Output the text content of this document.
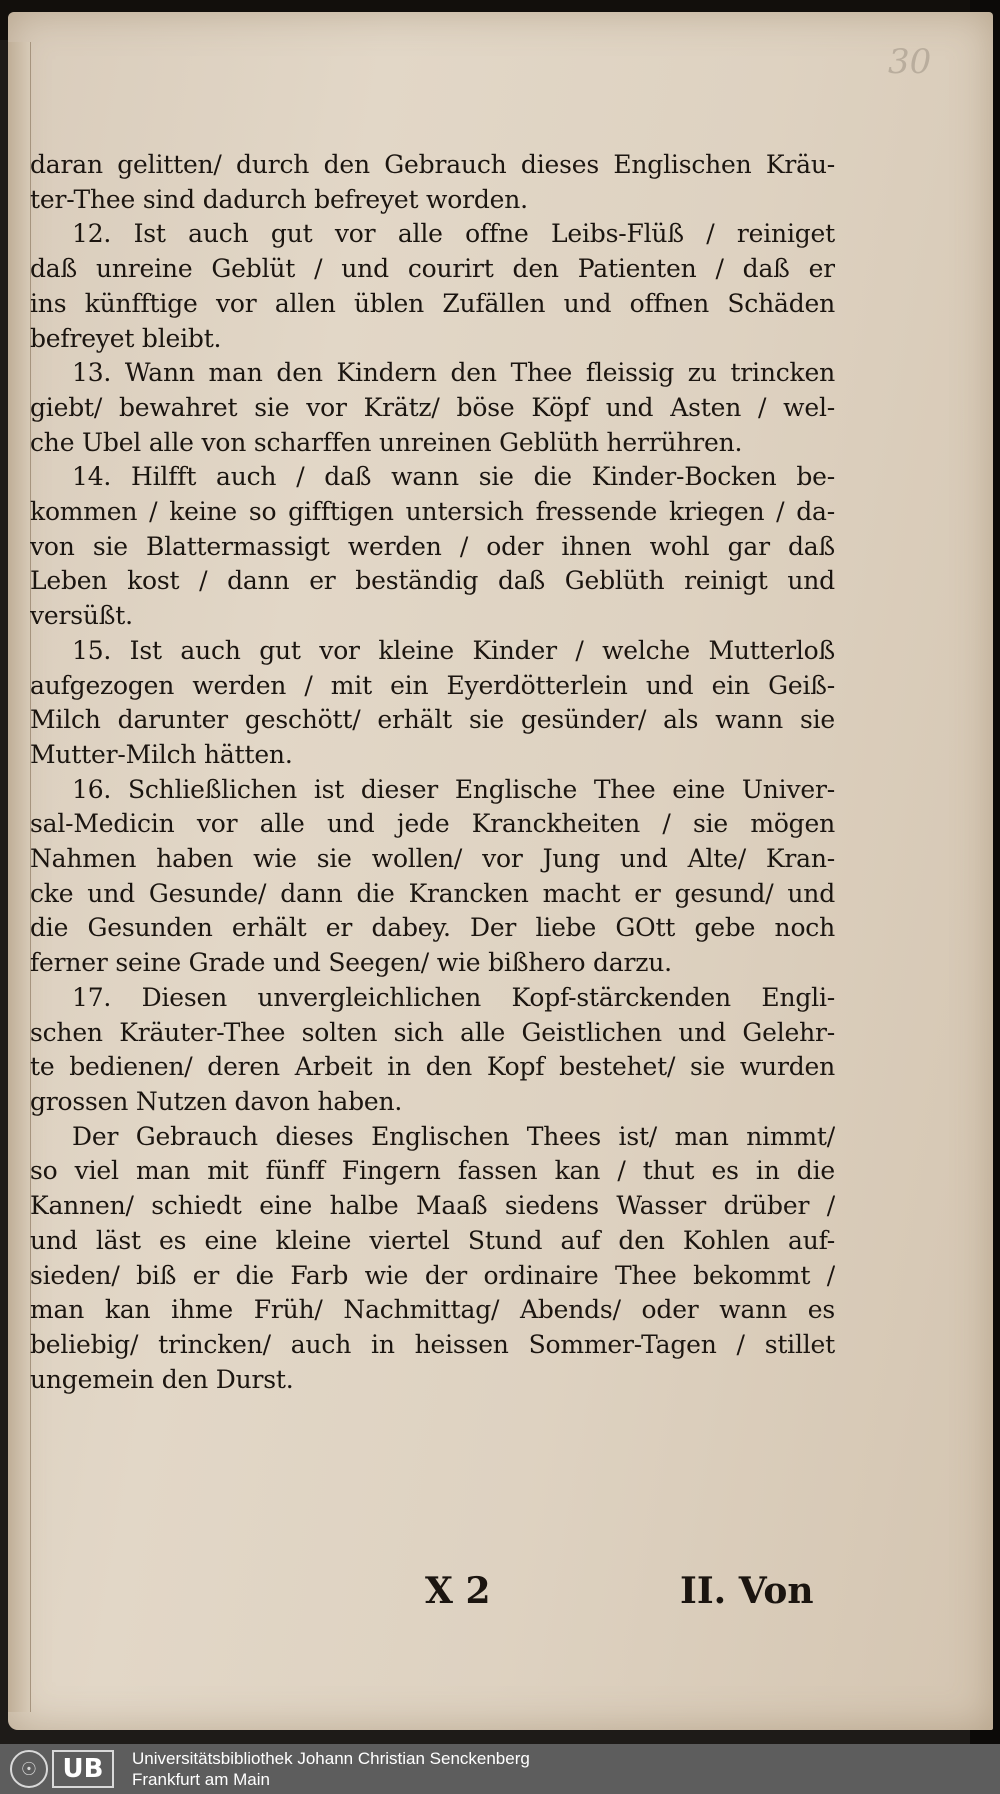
30
daran gelitten/ durch den Gebrauch dieses Englischen Kräu-
ter-Thee sind dadurch befreyet worden.
12. Ist auch gut vor alle offne Leibs-Flüß / reiniget
daß unreine Geblüt / und courirt den Patienten / daß er
ins künfftige vor allen üblen Zufällen und offnen Schäden
befreyet bleibt.
13. Wann man den Kindern den Thee fleissig zu trincken
giebt/ bewahret sie vor Krätz/ böse Köpf und Asten / wel-
che Ubel alle von scharffen unreinen Geblüth herrühren.
14. Hilfft auch / daß wann sie die Kinder-Bocken be-
kommen / keine so gifftigen untersich fressende kriegen / da-
von sie Blattermassigt werden / oder ihnen wohl gar daß
Leben kost / dann er beständig daß Geblüth reinigt und
versüßt.
15. Ist auch gut vor kleine Kinder / welche Mutterloß
aufgezogen werden / mit ein Eyerdötterlein und ein Geiß-
Milch darunter geschött/ erhält sie gesünder/ als wann sie
Mutter-Milch hätten.
16. Schließlichen ist dieser Englische Thee eine Univer-
sal-Medicin vor alle und jede Kranckheiten / sie mögen
Nahmen haben wie sie wollen/ vor Jung und Alte/ Kran-
cke und Gesunde/ dann die Krancken macht er gesund/ und
die Gesunden erhält er dabey. Der liebe GOtt gebe noch
ferner seine Grade und Seegen/ wie bißhero darzu.
17. Diesen unvergleichlichen Kopf-stärckenden Engli-
schen Kräuter-Thee solten sich alle Geistlichen und Gelehr-
te bedienen/ deren Arbeit in den Kopf bestehet/ sie wurden
grossen Nutzen davon haben.
Der Gebrauch dieses Englischen Thees ist/ man nimmt/
so viel man mit fünff Fingern fassen kan / thut es in die
Kannen/ schiedt eine halbe Maaß siedens Wasser drüber /
und läst es eine kleine viertel Stund auf den Kohlen auf-
sieden/ biß er die Farb wie der ordinaire Thee bekommt /
man kan ihme Früh/ Nachmittag/ Abends/ oder wann es
beliebig/ trincken/ auch in heissen Sommer-Tagen / stillet
ungemein den Durst.
X 2	II. Von
☉ UB	Universitätsbibliothek Johann Christian Senckenberg
Frankfurt am Main
